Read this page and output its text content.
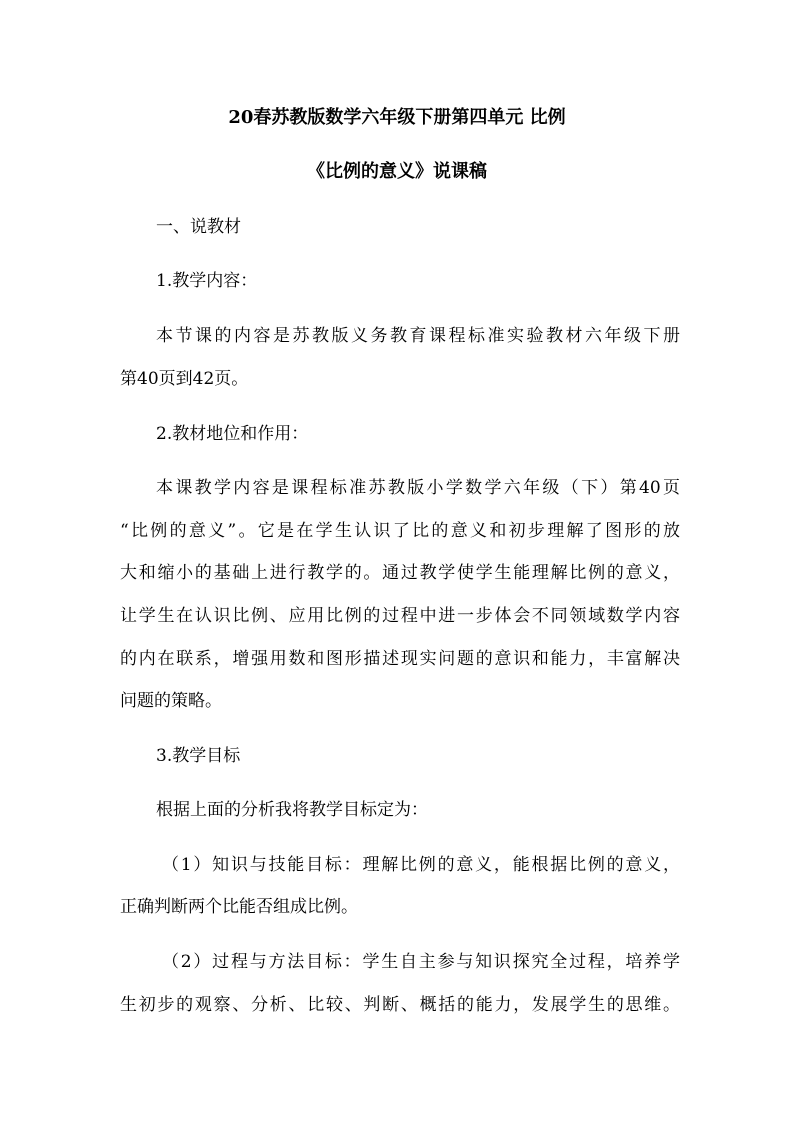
20春苏教版数学六年级下册第四单元 比例
《比例的意义》说课稿
一、说教材
1.教学内容：
本节课的内容是苏教版义务教育课程标准实验教材六年级下册
第40页到42页。
2.教材地位和作用：
本课教学内容是课程标准苏教版小学数学六年级（下）第40页
“比例的意义”。它是在学生认识了比的意义和初步理解了图形的放
大和缩小的基础上进行教学的。通过教学使学生能理解比例的意义，
让学生在认识比例、应用比例的过程中进一步体会不同领域数学内容
的内在联系，增强用数和图形描述现实问题的意识和能力，丰富解决
问题的策略。
3.教学目标
根据上面的分析我将教学目标定为：
（1）知识与技能目标：理解比例的意义，能根据比例的意义，
正确判断两个比能否组成比例。
（2）过程与方法目标：学生自主参与知识探究全过程，培养学
生初步的观察、分析、比较、判断、概括的能力，发展学生的思维。
